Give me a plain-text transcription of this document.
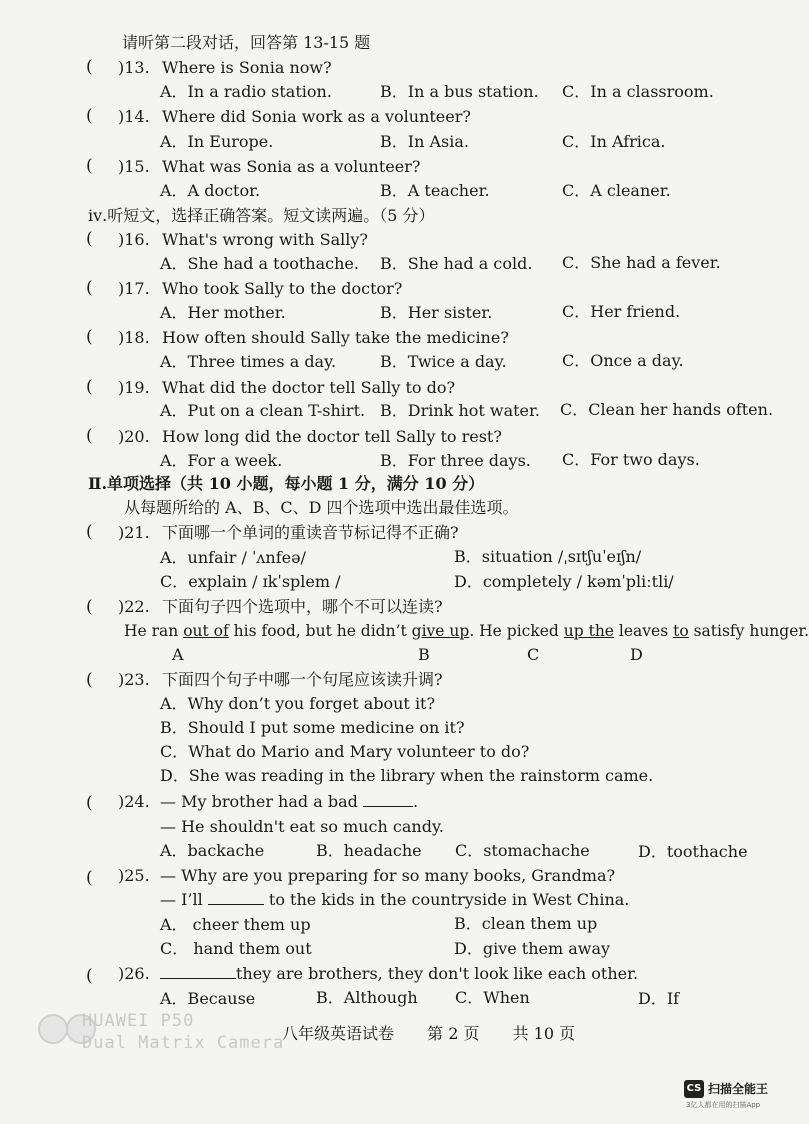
请听第二段对话，回答第 13-15 题
( )13. Where is Sonia now?
A．In a radio station.	B．In a bus station. C．In a classroom.
( )14. Where did Sonia work as a volunteer?
A．In Europe.	B．In Asia.	C．In Africa.
( )15. What was Sonia as a volunteer?
A．A doctor.	B．A teacher.	C．A cleaner.
ⅳ.听短文，选择正确答案。短文读两遍。（5 分）
( )16. What's wrong with Sally?
A．She had a toothache. B．She had a cold. C．She had a fever.
( )17. Who took Sally to the doctor?
A．Her mother.	B．Her sister.	C．Her friend.
( )18. How often should Sally take the medicine?
A．Three times a day.	B．Twice a day.	C．Once a day.
( )19. What did the doctor tell Sally to do?
A．Put on a clean T-shirt. B．Drink hot water. C．Clean her hands often.
( )20. How long did the doctor tell Sally to rest?
A．For a week.	B．For three days. C．For two days.
Ⅱ.单项选择（共 10 小题，每小题 1 分，满分 10 分）
从每题所给的 A、B、C、D 四个选项中选出最佳选项。
( )21. 下面哪一个单词的重读音节标记得不正确?
A．unfair / ˈʌnfeə/	B．situation /ˌsɪtʃuˈeɪʃn/
C．explain / ɪkˈsplem /	D．completely / kəmˈpliːtli/
( )22. 下面句子四个选项中，哪个不可以连读?
He ran out of his food, but he didn’t give up. He picked up the leaves to satisfy hunger.
A	B	C	D
( )23. 下面四个句子中哪一个句尾应该读升调?
A．Why don’t you forget about it?
B．Should I put some medicine on it?
C．What do Mario and Mary volunteer to do?
D．She was reading in the library when the rainstorm came.
( )24. — My brother had a bad	.
— He shouldn't eat so much candy.
A．backache	B．headache C．stomachache	D．toothache
( )25. — Why are you preparing for so many books, Grandma?
— I’ll	to the kids in the countryside in West China.
A． cheer them up	B．clean them up
C． hand them out	D．give them away
( )26.	they are brothers, they don't look like each other.
A．Because	B．Although C．When	D．If
HUAWEI P50
Dual Matrix Camera
八年级英语试卷 第 2 页 共 10 页
CS 扫描全能王
3亿人都在用的扫描App
